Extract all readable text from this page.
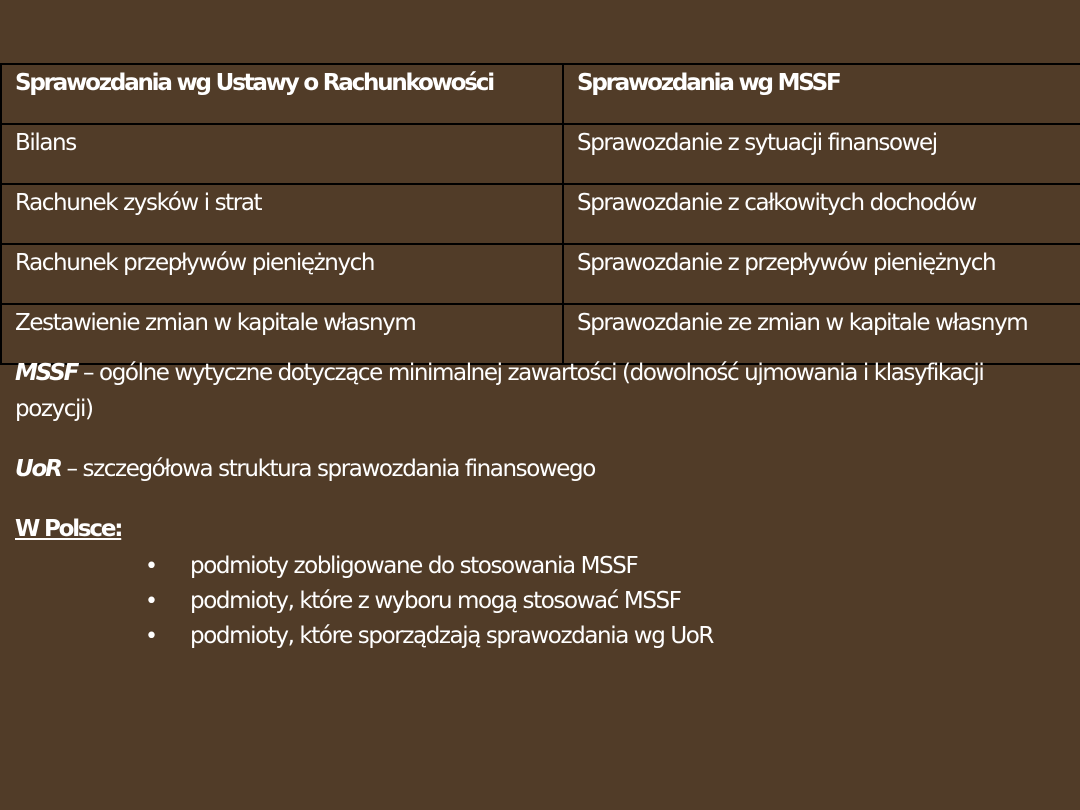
Sprawozdania wg Ustawy o Rachunkowości	Sprawozdania wg MSSF
Bilans	Sprawozdanie z sytuacji finansowej
Rachunek zysków i strat	Sprawozdanie z całkowitych dochodów
Rachunek przepływów pieniężnych	Sprawozdanie z przepływów pieniężnych
Zestawienie zmian w kapitale własnym	Sprawozdanie ze zmian w kapitale własnym

MSSF – ogólne wytyczne dotyczące minimalnej zawartości (dowolność ujmowania i klasyfikacji pozycji)

UoR – szczegółowa struktura sprawozdania finansowego

W Polsce:

• podmioty zobligowane do stosowania MSSF
• podmioty, które z wyboru mogą stosować MSSF
• podmioty, które sporządzają sprawozdania wg UoR
